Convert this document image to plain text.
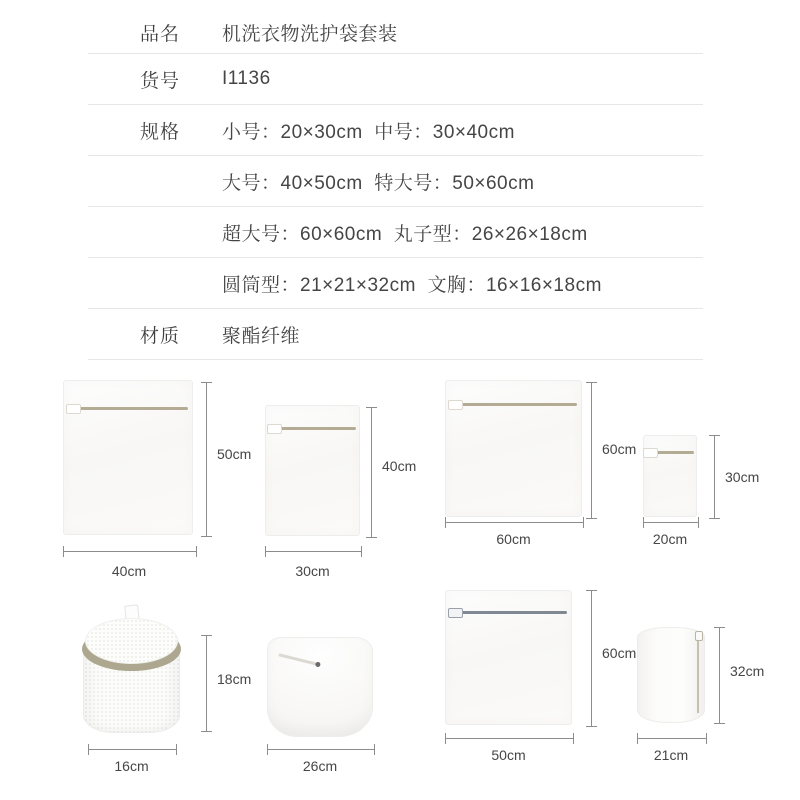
品名	机洗衣物洗护袋套装
货号	I1136
规格	小号：20×30cm  中号：30×40cm
大号：40×50cm  特大号：50×60cm
超大号：60×60cm  丸子型：26×26×18cm
圆筒型：21×21×32cm  文胸：16×16×18cm
材质	聚酯纤维
50cm
40cm
40cm
30cm
60cm
60cm
30cm
20cm
18cm
16cm	26cm
60cm
50cm
32cm
21cm
